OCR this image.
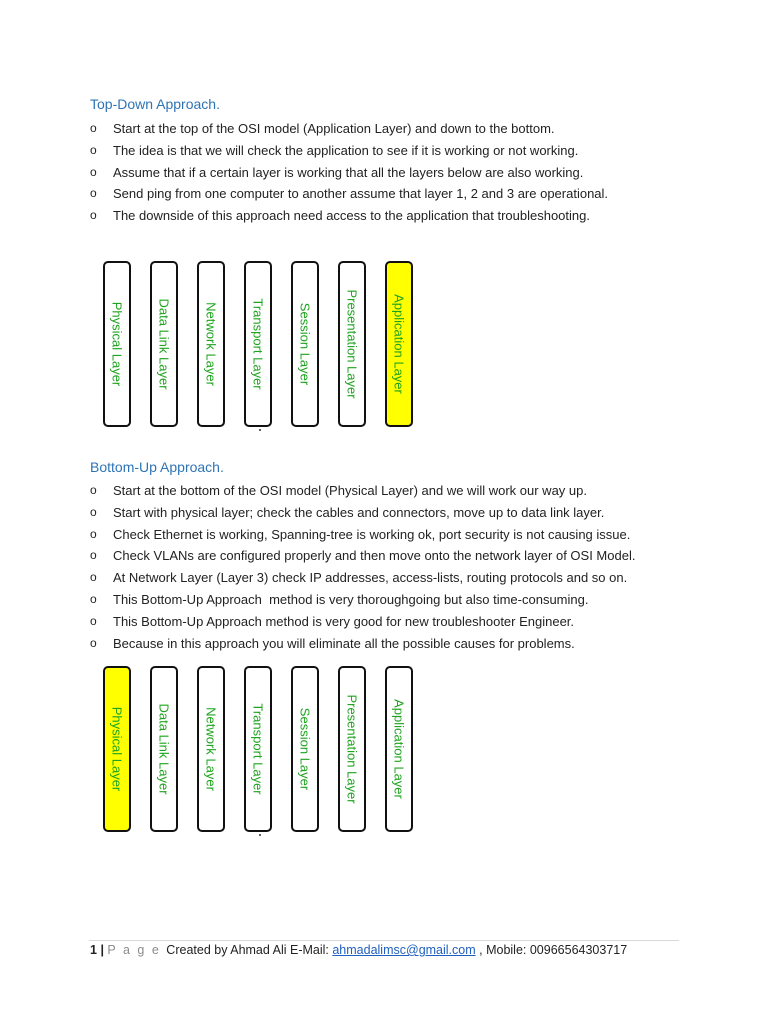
Top-Down Approach.
o Start at the top of the OSI model (Application Layer) and down to the bottom.
o The idea is that we will check the application to see if it is working or not working.
o Assume that if a certain layer is working that all the layers below are also working.
o Send ping from one computer to another assume that layer 1, 2 and 3 are operational.
o The downside of this approach need access to the application that troubleshooting.
Physical Layer Data Link Layer Network Layer Transport Layer Session Layer Presentation Layer Application Layer
Bottom-Up Approach.
o Start at the bottom of the OSI model (Physical Layer) and we will work our way up.
o Start with physical layer; check the cables and connectors, move up to data link layer.
o Check Ethernet is working, Spanning-tree is working ok, port security is not causing issue.
o Check VLANs are configured properly and then move onto the network layer of OSI Model.
o At Network Layer (Layer 3) check IP addresses, access-lists, routing protocols and so on.
o This Bottom-Up Approach  method is very thoroughgoing but also time-consuming.
o This Bottom-Up Approach method is very good for new troubleshooter Engineer.
o Because in this approach you will eliminate all the possible causes for problems.
Physical Layer Data Link Layer Network Layer Transport Layer Session Layer Presentation Layer Application Layer
1 | P a g e Created by Ahmad Ali E-Mail: ahmadalimsc@gmail.com , Mobile: 00966564303717
